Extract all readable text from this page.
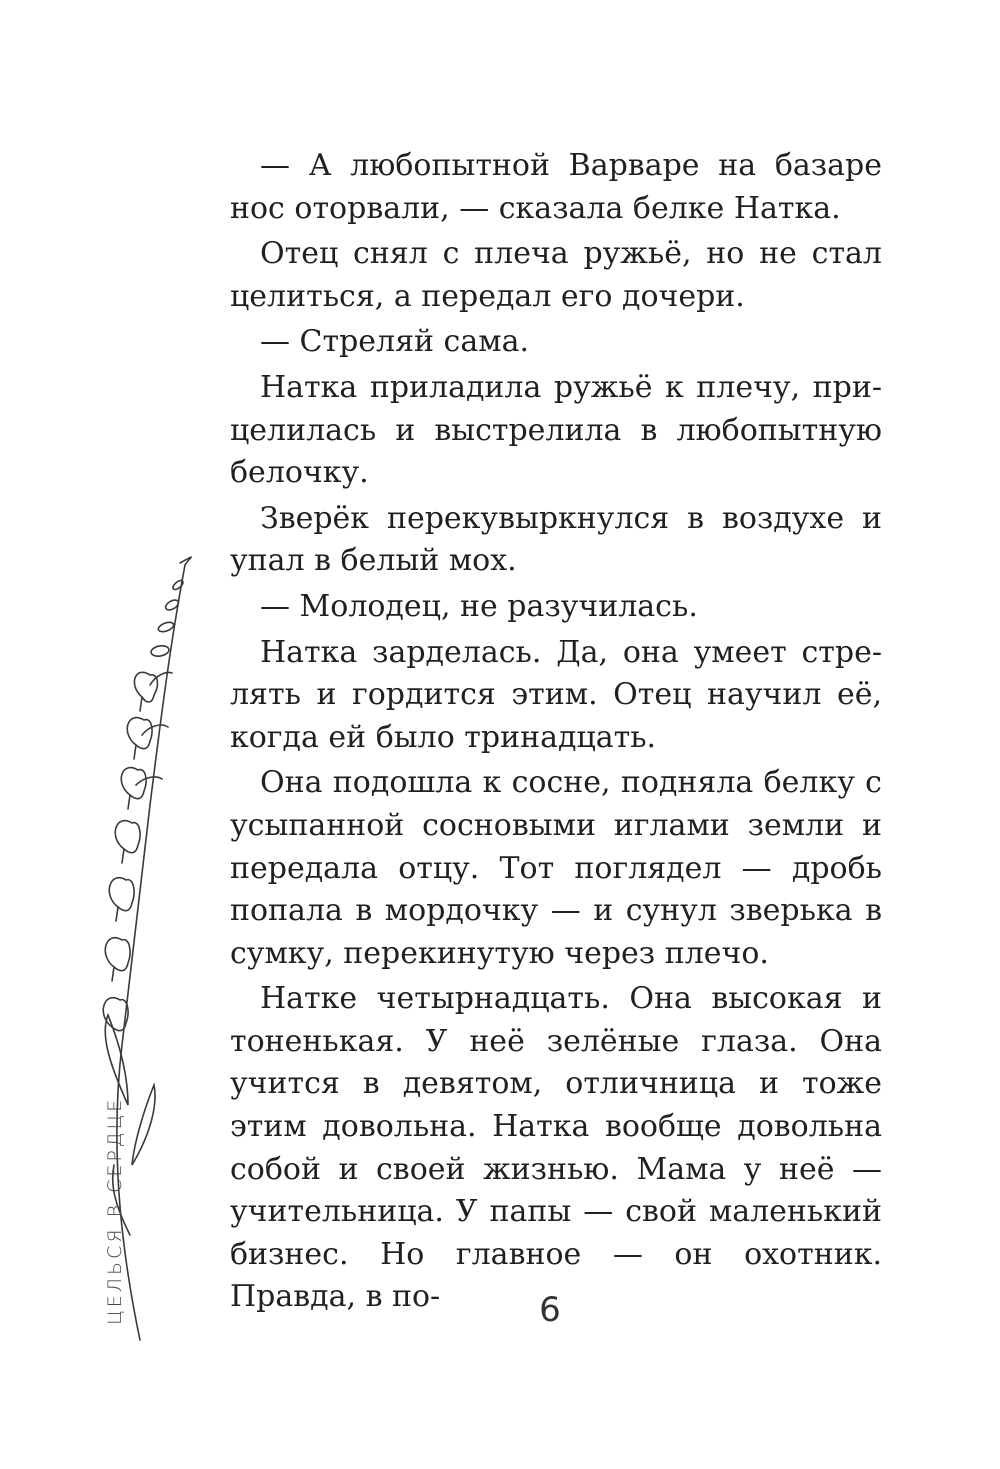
— А любопытной Варваре на базаре нос оторвали, — сказала белке Натка.

Отец снял с плеча ружьё, но не стал целиться, а передал его дочери.

— Стреляй сама.

Натка приладила ружьё к плечу, прицелилась и выстрелила в любопытную белочку.

Зверёк перекувыркнулся в воздухе и упал в белый мох.

— Молодец, не разучилась.

Натка зарделась. Да, она умеет стрелять и гордится этим. Отец научил её, когда ей было тринадцать.

Она подошла к сосне, подняла белку с усыпанной сосновыми иглами земли и передала отцу. Тот поглядел — дробь попала в мордочку — и сунул зверька в сумку, перекинутую через плечо.

Натке четырнадцать. Она высокая и тоненькая. У неё зелёные глаза. Она учится в девятом, отличница и тоже этим довольна. Натка вообще довольна собой и своей жизнью. Мама у неё — учительница. У папы — свой маленький бизнес. Но главное — он охотник. Правда, в по-

ЦЕЛЬСЯ В СЕРДЦЕ	6
